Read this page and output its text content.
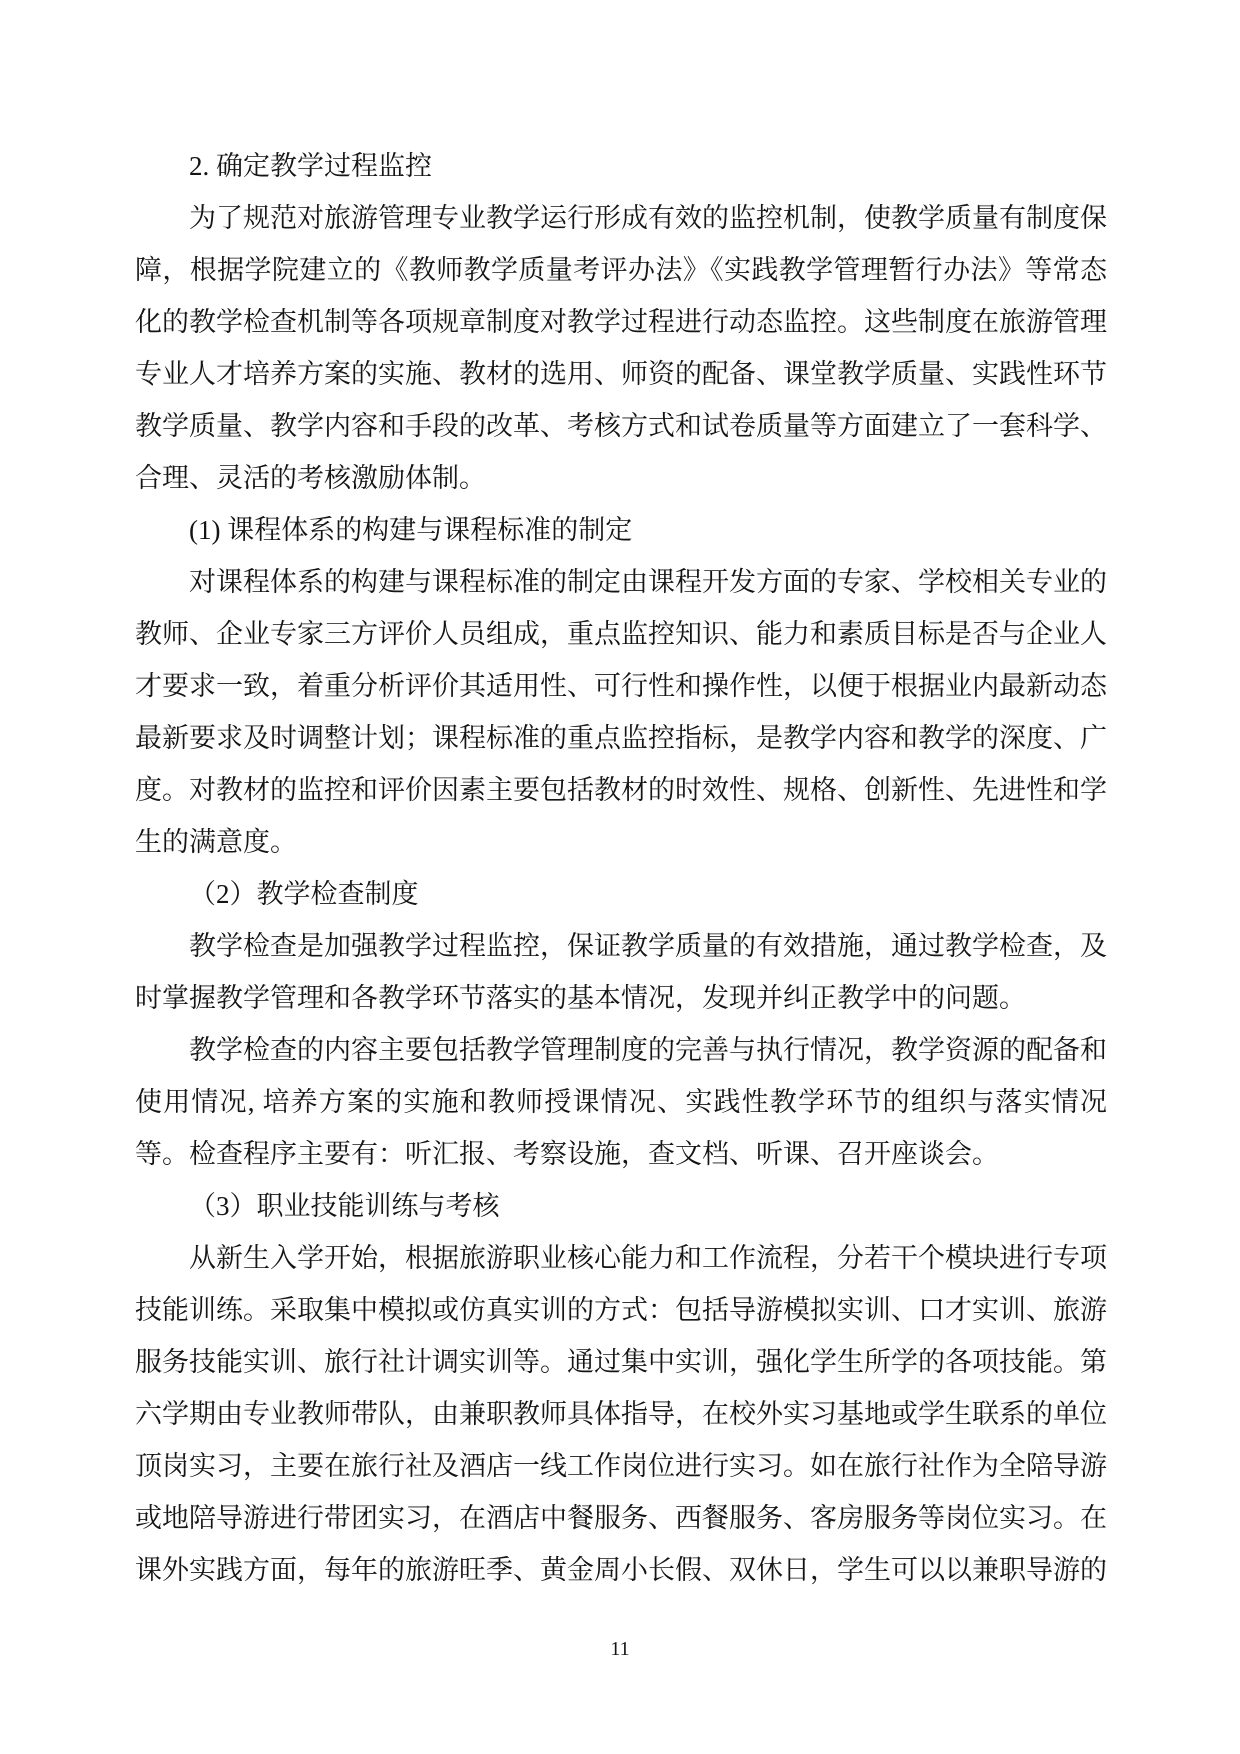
2. 确定教学过程监控

为了规范对旅游管理专业教学运行形成有效的监控机制，使教学质量有制度保障，根据学院建立的《教师教学质量考评办法》《实践教学管理暂行办法》等常态化的教学检查机制等各项规章制度对教学过程进行动态监控。这些制度在旅游管理专业人才培养方案的实施、教材的选用、师资的配备、课堂教学质量、实践性环节教学质量、教学内容和手段的改革、考核方式和试卷质量等方面建立了一套科学、合理、灵活的考核激励体制。

(1) 课程体系的构建与课程标准的制定

对课程体系的构建与课程标准的制定由课程开发方面的专家、学校相关专业的教师、企业专家三方评价人员组成，重点监控知识、能力和素质目标是否与企业人才要求一致，着重分析评价其适用性、可行性和操作性，以便于根据业内最新动态最新要求及时调整计划；课程标准的重点监控指标，是教学内容和教学的深度、广度。对教材的监控和评价因素主要包括教材的时效性、规格、创新性、先进性和学生的满意度。

（2）教学检查制度

教学检查是加强教学过程监控，保证教学质量的有效措施，通过教学检查，及时掌握教学管理和各教学环节落实的基本情况，发现并纠正教学中的问题。

教学检查的内容主要包括教学管理制度的完善与执行情况，教学资源的配备和使用情况, 培养方案的实施和教师授课情况、实践性教学环节的组织与落实情况等。检查程序主要有：听汇报、考察设施，查文档、听课、召开座谈会。

（3）职业技能训练与考核

从新生入学开始，根据旅游职业核心能力和工作流程，分若干个模块进行专项技能训练。采取集中模拟或仿真实训的方式：包括导游模拟实训、口才实训、旅游服务技能实训、旅行社计调实训等。通过集中实训，强化学生所学的各项技能。第六学期由专业教师带队，由兼职教师具体指导，在校外实习基地或学生联系的单位顶岗实习，主要在旅行社及酒店一线工作岗位进行实习。如在旅行社作为全陪导游或地陪导游进行带团实习，在酒店中餐服务、西餐服务、客房服务等岗位实习。在课外实践方面，每年的旅游旺季、黄金周小长假、双休日，学生可以以兼职导游的

11
